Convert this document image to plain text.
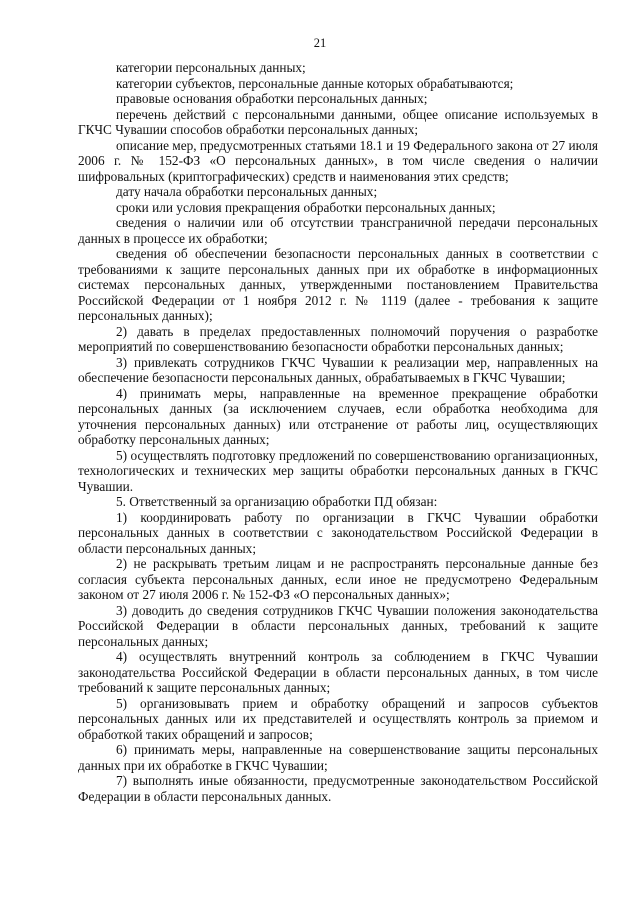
21

категории персональных данных;

категории субъектов, персональные данные которых обрабатываются;

правовые основания обработки персональных данных;

перечень действий с персональными данными, общее описание используемых в ГКЧС Чувашии способов обработки персональных данных;

описание мер, предусмотренных статьями 18.1 и 19 Федерального закона от 27 июля 2006 г. № 152-ФЗ «О персональных данных», в том числе сведения о наличии шифровальных (криптографических) средств и наименования этих средств;

дату начала обработки персональных данных;

сроки или условия прекращения обработки персональных данных;

сведения о наличии или об отсутствии трансграничной передачи персональных данных в процессе их обработки;

сведения об обеспечении безопасности персональных данных в соответствии с требованиями к защите персональных данных при их обработке в информационных системах персональных данных, утвержденными постановлением Правительства Российской Федерации от 1 ноября 2012 г. № 1119 (далее - требования к защите персональных данных);

2) давать в пределах предоставленных полномочий поручения о разработке мероприятий по совершенствованию безопасности обработки персональных данных;

3) привлекать сотрудников ГКЧС Чувашии к реализации мер, направленных на обеспечение безопасности персональных данных, обрабатываемых в ГКЧС Чувашии;

4) принимать меры, направленные на временное прекращение обработки персональных данных (за исключением случаев, если обработка необходима для уточнения персональных данных) или отстранение от работы лиц, осуществляющих обработку персональных данных;

5) осуществлять подготовку предложений по совершенствованию организационных, технологических и технических мер защиты обработки персональных данных в ГКЧС Чувашии.

5. Ответственный за организацию обработки ПД обязан:

1) координировать работу по организации в ГКЧС Чувашии обработки персональных данных в соответствии с законодательством Российской Федерации в области персональных данных;

2) не раскрывать третьим лицам и не распространять персональные данные без согласия субъекта персональных данных, если иное не предусмотрено Федеральным законом от 27 июля 2006 г. № 152-ФЗ «О персональных данных»;

3) доводить до сведения сотрудников ГКЧС Чувашии положения законодательства Российской Федерации в области персональных данных, требований к защите персональных данных;

4) осуществлять внутренний контроль за соблюдением в ГКЧС Чувашии законодательства Российской Федерации в области персональных данных, в том числе требований к защите персональных данных;

5) организовывать прием и обработку обращений и запросов субъектов персональных данных или их представителей и осуществлять контроль за приемом и обработкой таких обращений и запросов;

6) принимать меры, направленные на совершенствование защиты персональных данных при их обработке в ГКЧС Чувашии;

7) выполнять иные обязанности, предусмотренные законодательством Российской Федерации в области персональных данных.
